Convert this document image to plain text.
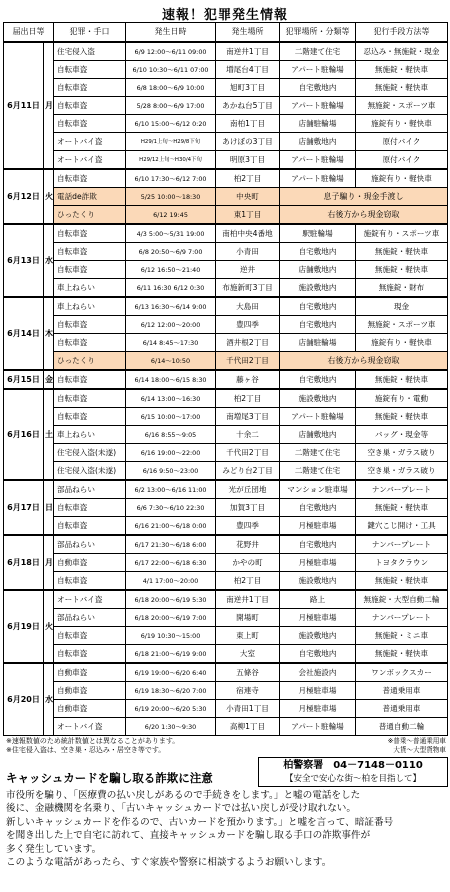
速報！犯罪発生情報
届出日等		犯罪・手口	発生日時	発生場所	犯罪場所・分類等	犯行手段方法等
6月11日	月	住宅侵入盗	6/9 12:00～6/11 09:00	南逆井1丁目	二階建て住宅	忍込み・無施錠・現金
		自転車盗	6/10 10:30～6/11 07:00	増尾台4丁目	アパート駐輪場	無施錠・軽快車
		自転車盗	6/8 18:00～6/9 10:00	旭町3丁目	自宅敷地内	無施錠・軽快車
		自転車盗	5/28 8:00～6/9 17:00	あかね台5丁目	アパート駐輪場	無施錠・スポーツ車
		自転車盗	6/10 15:00～6/12 0:20	南柏1丁目	店舗駐輪場	施錠有り・軽快車
		オートバイ盗	H29/1上旬～H29/8下旬	あけぼの3丁目	店舗敷地内	原付バイク
		オートバイ盗	H29/12上旬～H30/4下旬	明原3丁目	アパート駐輪場	原付バイク
6月12日	火	自転車盗	6/10 17:30～6/12 7:00	柏2丁目	アパート駐輪場	施錠有り・軽快車
		電話de詐欺	5/25 10:00～18:30	中央町	息子騙り・現金手渡し	
		ひったくり	6/12 19:45	東1丁目	右後方から現金窃取	
6月13日	水	自転車盗	4/3 5:00～5/31 19:00	南柏中央4番地	駅駐輪場	施錠有り・スポーツ車
		自転車盗	6/8 20:50～6/9 7:00	小青田	自宅敷地内	無施錠・軽快車
		自転車盗	6/12 16:50～21:40	逆井	店舗敷地内	無施錠・軽快車
		車上ねらい	6/11 16:30 6/12 0:30	布施新町3丁目	施設敷地内	無施錠・財布
6月14日	木	車上ねらい	6/13 16:30～6/14 9:00	大島田	自宅敷地内	現金
		自転車盗	6/12 12:00～20:00	豊四季	自宅敷地内	無施錠・スポーツ車
		自転車盗	6/14 8:45～17:30	酒井根2丁目	店舗駐輪場	施錠有り・軽快車
		ひったくり	6/14～10:50	千代田2丁目	右後方から現金窃取	
6月15日	金	自転車盗	6/14 18:00～6/15 8:30	藤ヶ谷	自宅敷地内	無施錠・軽快車
6月16日	土	自転車盗	6/14 13:00～16:30	柏2丁目	施設敷地内	施錠有り・電動
		自転車盗	6/15 10:00～17:00	南増尾3丁目	アパート駐輪場	無施錠・軽快車
		車上ねらい	6/16 8:55～9:05	十余二	店舗敷地内	バッグ・現金等
		住宅侵入盗(未遂)	6/16 19:00～22:00	千代田2丁目	二階建て住宅	空き巣・ガラス破り
		住宅侵入盗(未遂)	6/16 9:50～23:00	みどり台2丁目	二階建て住宅	空き巣・ガラス破り
6月17日	日	部品ねらい	6/2 13:00～6/16 11:00	光が丘団地	マンション駐車場	ナンバープレート
		自転車盗	6/6 7:30～6/10 22:30	加賀3丁目	自宅敷地内	無施錠・軽快車
		自転車盗	6/16 21:00～6/18 0:00	豊四季	月極駐車場	鍵穴こじ開け・工具
6月18日	月	部品ねらい	6/17 21:30～6/18 6:00	花野井	自宅敷地内	ナンバープレート
		自動車盗	6/17 22:00～6/18 6:30	かやの町	月極駐車場	トヨタクラウン
		自転車盗	4/1 17:00～20:00	柏2丁目	施設敷地内	無施錠・軽快車
6月19日	火	オートバイ盗	6/18 20:00～6/19 5:30	南逆井1丁目	路上	無施錠・大型自動二輪
		部品ねらい	6/18 20:00～6/19 7:00	開場町	月極駐車場	ナンバープレート
		自転車盗	6/19 10:30～15:00	東上町	施設敷地内	無施錠・ミニ車
		自転車盗	6/18 21:00～6/19 9:00	大室	自宅敷地内	無施錠・軽快車
6月20日	水	自動車盗	6/19 19:00～6/20 6:40	五條谷	会社施設内	ワンボックスカー
		自動車盗	6/19 18:30～6/20 7:00	宿連寺	月極駐車場	普通乗用車
		自動車盗	6/19 20:00～6/20 5:30	小青田1丁目	月極駐車場	普通乗用車
		オートバイ盗	6/20 1:30～9:30	高柳1丁目	アパート駐輪場	普通自動二輪
※速報数値のため統計数値とは異なることがあります。
※住宅侵入盗は、空き巣・忍込み・居空き等です。
※普乗～普通乗用車
大貨～大型貨物車
柏警察署　04－7148－0110
【安全で安心な街～柏を目指して】
キャッシュカードを騙し取る詐欺に注意

市役所を騙り、「医療費の払い戻しがあるので手続きをします。」と嘘の電話をした

後に、金融機関を名乗り、「古いキャッシュカードでは払い戻しが受け取れない。

新しいキャッシュカードを作るので、古いカードを預かります。」と嘘を言って、暗証番号

を聞き出した上で自宅に訪れて、直接キャッシュカードを騙し取る手口の詐欺事件が

多く発生しています。

このような電話があったら、すぐ家族や警察に相談するようお願いします。
